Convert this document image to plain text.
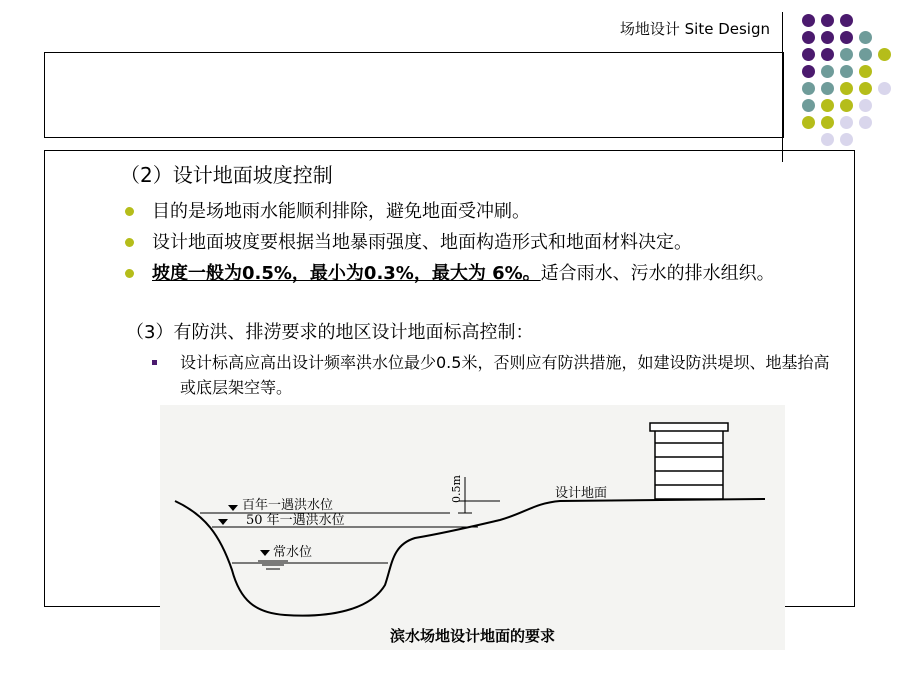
场地设计 Site Design
（2）设计地面坡度控制
目的是场地雨水能顺利排除，避免地面受冲刷。
设计地面坡度要根据当地暴雨强度、地面构造形式和地面材料决定。
坡度一般为0.5%，最小为0.3%，最大为 6%。适合雨水、污水的排水组织。
（3）有防洪、排涝要求的地区设计地面标高控制：
设计标高应高出设计频率洪水位最少0.5米，否则应有防洪措施，如建设防洪堤坝、地基抬高或底层架空等。
百年一遇洪水位
50 年一遇洪水位
常水位
设计地面
0.5m
滨水场地设计地面的要求
